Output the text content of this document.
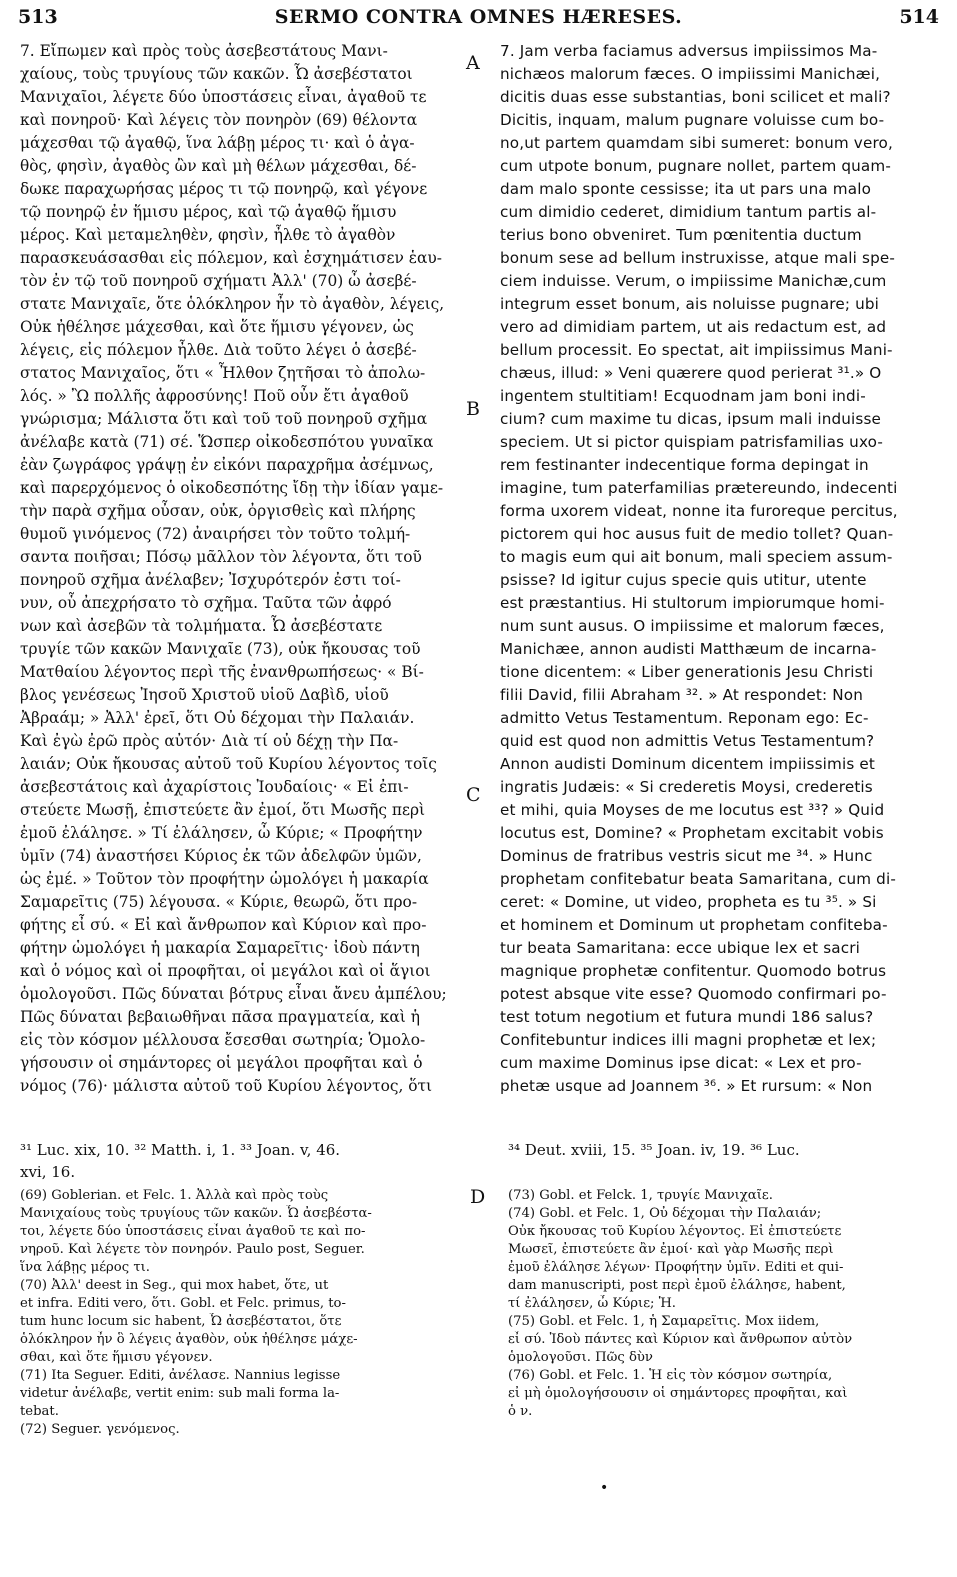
513	SERMO CONTRA OMNES HÆRESES.	514
7. Εἴπωμεν καὶ πρὸς τοὺς ἀσεβεστάτους Μανι-
χαίους, τοὺς τρυγίους τῶν κακῶν. Ὦ ἀσεβέστατοι
Μανιχαῖοι, λέγετε δύο ὑποστάσεις εἶναι, ἀγαθοῦ τε
καὶ πονηροῦ· Καὶ λέγεις τὸν πονηρὸν (69) θέλοντα
μάχεσθαι τῷ ἀγαθῷ, ἵνα λάβῃ μέρος τι· καὶ ὁ ἀγα-
θὸς, φησὶν, ἀγαθὸς ὢν καὶ μὴ θέλων μάχεσθαι, δέ-
δωκε παραχωρήσας μέρος τι τῷ πονηρῷ, καὶ γέγονε
τῷ πονηρῷ ἐν ἥμισυ μέρος, καὶ τῷ ἀγαθῷ ἥμισυ
μέρος. Καὶ μεταμεληθὲν, φησὶν, ἦλθε τὸ ἀγαθὸν
παρασκευάσασθαι εἰς πόλεμον, καὶ ἐσχημάτισεν ἑαυ-
τὸν ἐν τῷ τοῦ πονηροῦ σχήματι Ἀλλ' (70) ὦ ἀσεβέ-
στατε Μανιχαῖε, ὅτε ὁλόκληρον ἦν τὸ ἀγαθὸν, λέγεις,
Οὐκ ἠθέλησε μάχεσθαι, καὶ ὅτε ἥμισυ γέγονεν, ὡς
λέγεις, εἰς πόλεμον ἦλθε. Διὰ τοῦτο λέγει ὁ ἀσεβέ-
στατος Μανιχαῖος, ὅτι « Ἦλθον ζητῆσαι τὸ ἀπολω-
λός. » Ὢ πολλῆς ἀφροσύνης! Ποῦ οὖν ἔτι ἀγαθοῦ
γνώρισμα; Μάλιστα ὅτι καὶ τοῦ τοῦ πονηροῦ σχῆμα
ἀνέλαβε κατὰ (71) σέ. Ὥσπερ οἰκοδεσπότου γυναῖκα
ἐὰν ζωγράφος γράψῃ ἐν εἰκόνι παραχρῆμα ἀσέμνως,
καὶ παρερχόμενος ὁ οἰκοδεσπότης ἴδῃ τὴν ἰδίαν γαμε-
τὴν παρὰ σχῆμα οὖσαν, οὐκ, ὀργισθεὶς καὶ πλήρης
θυμοῦ γινόμενος (72) ἀναιρήσει τὸν τοῦτο τολμή-
σαντα ποιῆσαι; Πόσῳ μᾶλλον τὸν λέγοντα, ὅτι τοῦ
πονηροῦ σχῆμα ἀνέλαβεν; Ἰσχυρότερόν ἐστι τοί-
νυν, οὗ ἀπεχρήσατο τὸ σχῆμα. Ταῦτα τῶν ἀφρό
νων καὶ ἀσεβῶν τὰ τολμήματα. Ὦ ἀσεβέστατε
τρυγίε τῶν κακῶν Μανιχαῖε (73), οὐκ ἤκουσας τοῦ
Ματθαίου λέγοντος περὶ τῆς ἐνανθρωπήσεως· « Βί-
βλος γενέσεως Ἰησοῦ Χριστοῦ υἱοῦ Δαβὶδ, υἱοῦ
Ἀβραάμ; » Ἀλλ' ἐρεῖ, ὅτι Οὐ δέχομαι τὴν Παλαιάν.
Καὶ ἐγὼ ἐρῶ πρὸς αὐτόν· Διὰ τί οὐ δέχῃ τὴν Πα-
λαιάν; Οὐκ ἤκουσας αὐτοῦ τοῦ Κυρίου λέγοντος τοῖς
ἀσεβεστάτοις καὶ ἀχαρίστοις Ἰουδαίοις· « Εἰ ἐπι-
στεύετε Μωσῇ, ἐπιστεύετε ἂν ἐμοί, ὅτι Μωσῆς περὶ
ἐμοῦ ἐλάλησε. » Τί ἐλάλησεν, ὦ Κύριε; « Προφήτην
ὑμῖν (74) ἀναστήσει Κύριος ἐκ τῶν ἀδελφῶν ὑμῶν,
ὡς ἐμέ. » Τοῦτον τὸν προφήτην ὡμολόγει ἡ μακαρία
Σαμαρεῖτις (75) λέγουσα. « Κύριε, θεωρῶ, ὅτι προ-
φήτης εἶ σύ. « Εἰ καὶ ἄνθρωπον καὶ Κύριον καὶ προ-
φήτην ὡμολόγει ἡ μακαρία Σαμαρεῖτις· ἰδοὺ πάντη
καὶ ὁ νόμος καὶ οἱ προφῆται, οἱ μεγάλοι καὶ οἱ ἅγιοι
ὁμολογοῦσι. Πῶς δύναται βότρυς εἶναι ἄνευ ἀμπέλου;
Πῶς δύναται βεβαιωθῆναι πᾶσα πραγματεία, καὶ ἡ
εἰς τὸν κόσμον μέλλουσα ἔσεσθαι σωτηρία; Ὁμολο-
γήσουσιν οἱ σημάντορες οἱ μεγάλοι προφῆται καὶ ὁ
νόμος (76)· μάλιστα αὐτοῦ τοῦ Κυρίου λέγοντος, ὅτι
7. Jam verba faciamus adversus impiissimos Ma-
nichæos malorum fæces. O impiissimi Manichæi,
dicitis duas esse substantias, boni scilicet et mali?
Dicitis, inquam, malum pugnare voluisse cum bo-
no,ut partem quamdam sibi sumeret: bonum vero,
cum utpote bonum, pugnare nollet, partem quam-
dam malo sponte cessisse; ita ut pars una malo
cum dimidio cederet, dimidium tantum partis al-
terius bono obveniret. Tum pœnitentia ductum
bonum sese ad bellum instruxisse, atque mali spe-
ciem induisse. Verum, o impiissime Manichæ,cum
integrum esset bonum, ais noluisse pugnare; ubi
vero ad dimidiam partem, ut ais redactum est, ad
bellum processit. Eo spectat, ait impiissimus Mani-
chæus, illud: » Veni quærere quod perierat ³¹.» O
ingentem stultitiam! Ecquodnam jam boni indi-
cium? cum maxime tu dicas, ipsum mali induisse
speciem. Ut si pictor quispiam patrisfamilias uxo-
rem festinanter indecentique forma depingat in
imagine, tum paterfamilias prætereundo, indecenti
forma uxorem videat, nonne ita furoreque percitus,
pictorem qui hoc ausus fuit de medio tollet? Quan-
to magis eum qui ait bonum, mali speciem assum-
psisse? Id igitur cujus specie quis utitur, utente
est præstantius. Hi stultorum impiorumque homi-
num sunt ausus. O impiissime et malorum fæces,
Manichæe, annon audisti Matthæum de incarna-
tione dicentem: « Liber generationis Jesu Christi
filii David, filii Abraham ³². » At respondet: Non
admitto Vetus Testamentum. Reponam ego: Ec-
quid est quod non admittis Vetus Testamentum?
Annon audisti Dominum dicentem impiissimis et
ingratis Judæis: « Si crederetis Moysi, crederetis
et mihi, quia Moyses de me locutus est ³³? » Quid
locutus est, Domine? « Prophetam excitabit vobis
Dominus de fratribus vestris sicut me ³⁴. » Hunc
prophetam confitebatur beata Samaritana, cum di-
ceret: « Domine, ut video, propheta es tu ³⁵. » Si
et hominem et Dominum ut prophetam confiteba-
tur beata Samaritana: ecce ubique lex et sacri
magnique prophetæ confitentur. Quomodo botrus
potest absque vite esse? Quomodo confirmari po-
test totum negotium et futura mundi 186 salus?
Confitebuntur indices illi magni prophetæ et lex;
cum maxime Dominus ipse dicat: « Lex et pro-
phetæ usque ad Joannem ³⁶. » Et rursum: « Non
A
B
C
D
³¹ Luc. xix, 10. ³² Matth. i, 1. ³³ Joan. v, 46.
xvi, 16.
³⁴ Deut. xviii, 15. ³⁵ Joan. iv, 19. ³⁶ Luc.
(69) Goblerian. et Felc. 1. Ἀλλὰ καὶ πρὸς τοὺς
Μανιχαίους τοὺς τρυγίους τῶν κακῶν. Ὦ ἀσεβέστα-
τοι, λέγετε δύο ὑποστάσεις εἶναι ἀγαθοῦ τε καὶ πο-
νηροῦ. Καὶ λέγετε τὸν πονηρόν. Paulo post, Seguer.
ἵνα λάβῃς μέρος τι.
(70) Ἀλλ' deest in Seg., qui mox habet, ὅτε, ut
et infra. Editi vero, ὅτι. Gobl. et Felc. primus, to-
tum hunc locum sic habent, Ὦ ἀσεβέστατοι, ὅτε
ὁλόκληρον ἦν ὃ λέγεις ἀγαθὸν, οὐκ ἠθέλησε μάχε-
σθαι, καὶ ὅτε ἥμισυ γέγονεν.
(71) Ita Seguer. Editi, ἀνέλασε. Nannius legisse
videtur ἀνέλαβε, vertit enim: sub mali forma la-
tebat.
(72) Seguer. γενόμενος.
(73) Gobl. et Felck. 1, τρυγίε Μανιχαῖε.
(74) Gobl. et Felc. 1, Οὐ δέχομαι τὴν Παλαιάν;
Οὐκ ἤκουσας τοῦ Κυρίου λέγοντος. Εἰ ἐπιστεύετε
Μωσεῖ, ἐπιστεύετε ἂν ἐμοί· καὶ γὰρ Μωσῆς περὶ
ἐμοῦ ἐλάλησε λέγων· Προφήτην ὑμῖν. Editi et qui-
dam manuscripti, post περὶ ἐμοῦ ἐλάλησε, habent,
τί ἐλάλησεν, ὦ Κύριε; Ἡ.
(75) Gobl. et Felc. 1, ἡ Σαμαρεῖτις. Mox iidem,
εἶ σύ. Ἰδοὺ πάντες καὶ Κύριον καὶ ἄνθρωπον αὐτὸν
ὁμολογοῦσι. Πῶς δὺν
(76) Gobl. et Felc. 1. Ἡ εἰς τὸν κόσμον σωτηρία,
εἰ μὴ ὁμολογήσουσιν οἱ σημάντορες προφῆται, καὶ
ὁ ν.
•
